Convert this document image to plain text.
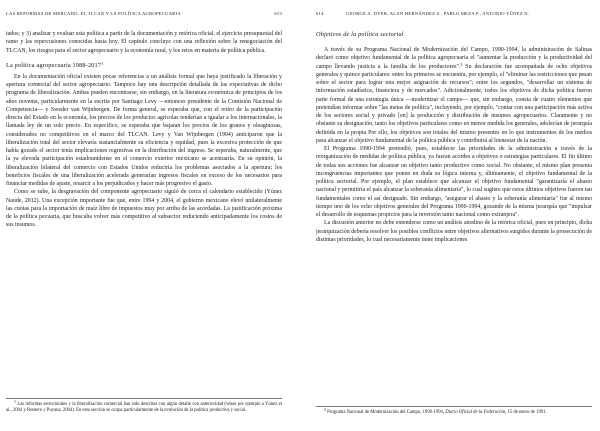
LAS REFORMAS DE MERCADO, EL TLCAN Y LA POLÍTICA AGROPECUARIA	613

tados; y 3) analizar y evaluar esta política a partir de la documentación y retórica oficial, el ejercicio presupuestal del ramo y las repercusiones conocidas hasta hoy. El capítulo concluye con una reflexión sobre la renegociación del TLCAN, los riesgos para el sector agropecuario y la economía rural, y los retos en materia de política pública.

La política agropecuaria 1988-2017$^1$

En la documentación oficial existen pocas referencias a un análisis formal que haya justificado la liberación y apertura comercial del sector agropecuario. Tampoco hay una descripción detallada de las expectativas de dicho programa de liberalización. Ambas pueden encontrarse, sin embargo, en la literatura económica de principios de los años noventa, particularmente en la escrita por Santiago Levy —entonces presidente de la Comisión Nacional de Competencia— y Sweder van Wijnbergen. De forma general, se esperaba que, con el retiro de la participación directa del Estado en la economía, los precios de los productos agrícolas tenderían a igualar a los internacionales, la llamada ley de un solo precio. En específico, se esperaba que bajaran los precios de los granos y oleaginosas, considerados no competitivos en el marco del TLCAN. Levy y Van Wijnbergen (1994) anticiparon que la liberalización total del sector elevaría sustancialmente su eficiencia y equidad, pues la excesiva protección de que había gozado el sector tenía implicaciones regresivas en la distribución del ingreso. Se esperaba, naturalmente, que la ya elevada participación estadounidense en el comercio exterior mexicano se acentuaría. En su opinión, la liberalización bilateral del comercio con Estados Unidos reduciría los problemas asociados a la apertura; los beneficios fiscales de una liberalización acelerada generarían ingresos fiscales en exceso de los necesarios para financiar medidas de ajuste, resarcir a los perjudicados y hacer más progresivo el gasto.

Como se sabe, la desgravación del componente agropecuario siguió de cerca el calendario establecido (Yúnez Naude, 2012). Una excepción importante fue que, entre 1994 y 2004, el gobierno mexicano elevó unilateralmente las cuotas para la importación de maíz libre de impuestos muy por arriba de las acordadas. La justificación próxima de la política pecuaria, que buscaba volver más competitivo al subsector reduciendo anticipadamente los costos de sus insumos.

$^1$ Las reformas estructurales y la liberalización comercial han sido descritas con algún detalle con anterioridad (véase por ejemplo a Yúnez et al., 2004 y Romero y Puyana, 2004). En esta sección se ocupa particularmente de la evolución de la política productiva y social.

614	GEORGE A. DYER, ALAN HERNÁNDEZ S., PABLO MEZA P., ANTONIO YÚNEZ N.
Objetivos de la política sectorial

A través de su Programa Nacional de Modernización del Campo, 1990-1994, la administración de Salinas declaró como objetivo fundamental de la política agropecuaria el "aumentar la producción y la productividad del campo llevando justicia a la familia de los productores".$^2$ Su declaración fue acompañada de ocho objetivos generales y quince particulares: entre los primeros se encuentra, por ejemplo, el "eliminar las restricciones que pesan sobre el sector para lograr una mejor asignación de recursos"; entre los segundos, "desarrollar un sistema de información estadística, financiera y de mercados". Adicionalmente, todos los objetivos de dicha política fueron parte formal de una estrategia única —modernizar el campo— que, sin embargo, consta de cuatro elementos que pretendían informar sobre "las metas de política", incluyendo, por ejemplo, "contar con una participación más activa de los sectores social y privado [en] la producción y distribución de insumos agropecuarios. Claramente y no obstante su designación, tanto los objetivos particulares como en menor medida los generales, adolecían de jerarquía definida en la propia Por ello, los objetivos son totales del mismo presentes en lo que instrumentos de los medios para alcanzar el objetivo fundamental de la política pública y contribuirá al bienestar de la nación.

El Programa 1990-1994 pretendió, pues, establecer las prioridades de la administración a través de la reorganización de medidas de política pública, ya fueran acordes a objetivos o estrategias particulares. El fin último de todas sus acciones fue alcanzar un objetivo tanto productivo como social. No obstante, el mismo plan presenta incongruencias importantes que ponen en duda su lógica interna y, últimamente, el objetivo fundamental de la política sectorial. Por ejemplo, el plan establece que alcanzar el objetivo fundamental "garantizaría el abasto nacional y permitiría el país alcanzar la soberanía alimentaria", lo cual sugiere que estos últimos objetivos fueron tan fundamentales como el así designado. Sin embargo, "asegurar el abasto y la soberanía alimentaria" fue al mismo tiempo uno de los ocho objetivos generales del Programa 1990-1994, gozando de la misma jerarquía que "impulsar el desarrollo de esquemas propicios para la inversión tanto nacional como extranjera".

La discusión anterior no debe entenderse como un análisis anodino de la retórica oficial, pues en principio, dicha jerarquización debería resolver los posibles conflictos entre objetivos alternativos surgidos durante la prosecución de distintas prioridades, lo cual necesariamente tiene implicaciones

$^2$ Programa Nacional de Modernización del Campo, 1990-1994, Diario Oficial de la Federación, 15 de enero de 1991.
